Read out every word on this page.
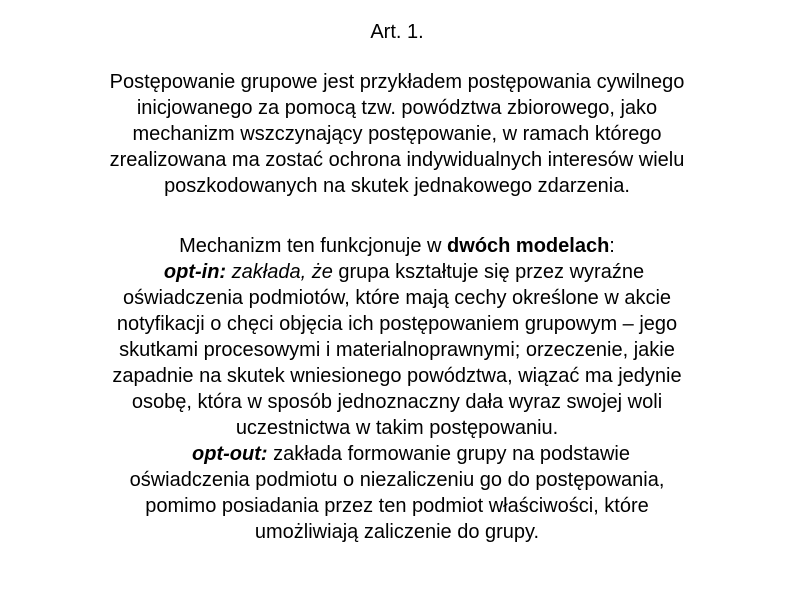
Art. 1.
Postępowanie grupowe jest przykładem postępowania cywilnego
inicjowanego za pomocą tzw. powództwa zbiorowego, jako
mechanizm wszczynający postępowanie, w ramach którego
zrealizowana ma zostać ochrona indywidualnych interesów wielu
poszkodowanych na skutek jednakowego zdarzenia.
Mechanizm ten funkcjonuje w dwóch modelach:
opt-in: zakłada, że grupa kształtuje się przez wyraźne
oświadczenia podmiotów, które mają cechy określone w akcie
notyfikacji o chęci objęcia ich postępowaniem grupowym – jego
skutkami procesowymi i materialnoprawnymi; orzeczenie, jakie
zapadnie na skutek wniesionego powództwa, wiązać ma jedynie
osobę, która w sposób jednoznaczny dała wyraz swojej woli
uczestnictwa w takim postępowaniu.
opt-out: zakłada formowanie grupy na podstawie
oświadczenia podmiotu o niezaliczeniu go do postępowania,
pomimo posiadania przez ten podmiot właściwości, które
umożliwiają zaliczenie do grupy.
